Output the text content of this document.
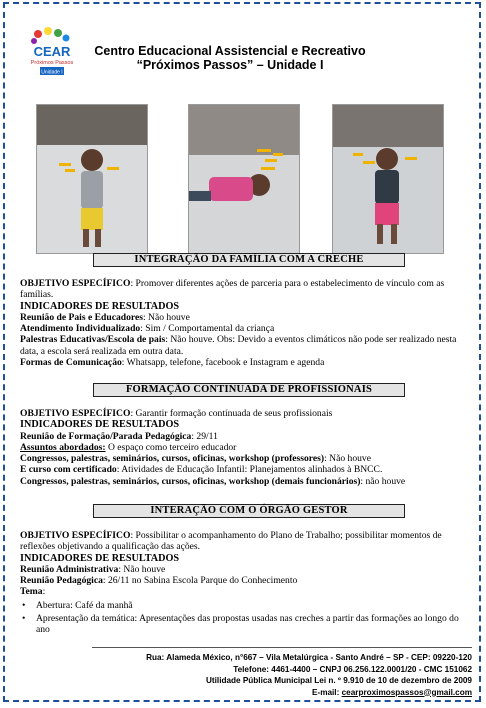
CEAR
Próximos Passos
Unidade I
Centro Educacional Assistencial e Recreativo
“Próximos Passos” – Unidade I
INTEGRAÇÃO DA FAMÍLIA COM A CRECHE

OBJETIVO ESPECÍFICO: Promover diferentes ações de parceria para o estabelecimento de vínculo com as famílias.

INDICADORES DE RESULTADOS

Reunião de Pais e Educadores: Não houve

Atendimento Individualizado: Sim / Comportamental da criança

Palestras Educativas/Escola de pais: Não houve. Obs: Devido a eventos climáticos não pode ser realizado nesta data, a escola será realizada em outra data.

Formas de Comunicação: Whatsapp, telefone, facebook e Instagram e agenda

FORMAÇÃO CONTINUADA DE PROFISSIONAIS

OBJETIVO ESPECÍFICO: Garantir formação contínuada de seus profissionais

INDICADORES DE RESULTADOS

Reunião de Formação/Parada Pedagógica: 29/11

Assuntos abordados: O espaço como terceiro educador

Congressos, palestras, seminários, cursos, oficinas, workshop (professores): Não houve

E curso com certificado: Atividades de Educação Infantil: Planejamentos alinhados à BNCC.

Congressos, palestras, seminários, cursos, oficinas, workshop (demais funcionários): não houve

INTERAÇÃO COM O ÓRGÃO GESTOR

OBJETIVO ESPECÍFICO: Possibilitar o acompanhamento do Plano de Trabalho; possibilitar momentos de reflexões objetivando a qualificação das ações.

INDICADORES DE RESULTADOS

Reunião Administrativa: Não houve

Reunião Pedagógica: 26/11 no Sabina Escola Parque do Conhecimento

Tema:

• Abertura: Café da manhã
• Apresentação da temática: Apresentações das propostas usadas nas creches a partir das formações ao longo do ano
Rua: Alameda México, n°667 – Vila Metalúrgica - Santo André – SP - CEP: 09220-120
Telefone: 4461-4400 – CNPJ 06.256.122.0001/20 - CMC 151062
Utilidade Pública Municipal Lei n. º 9.910 de 10 de dezembro de 2009
E-mail: cearproximospassos@gmail.com
